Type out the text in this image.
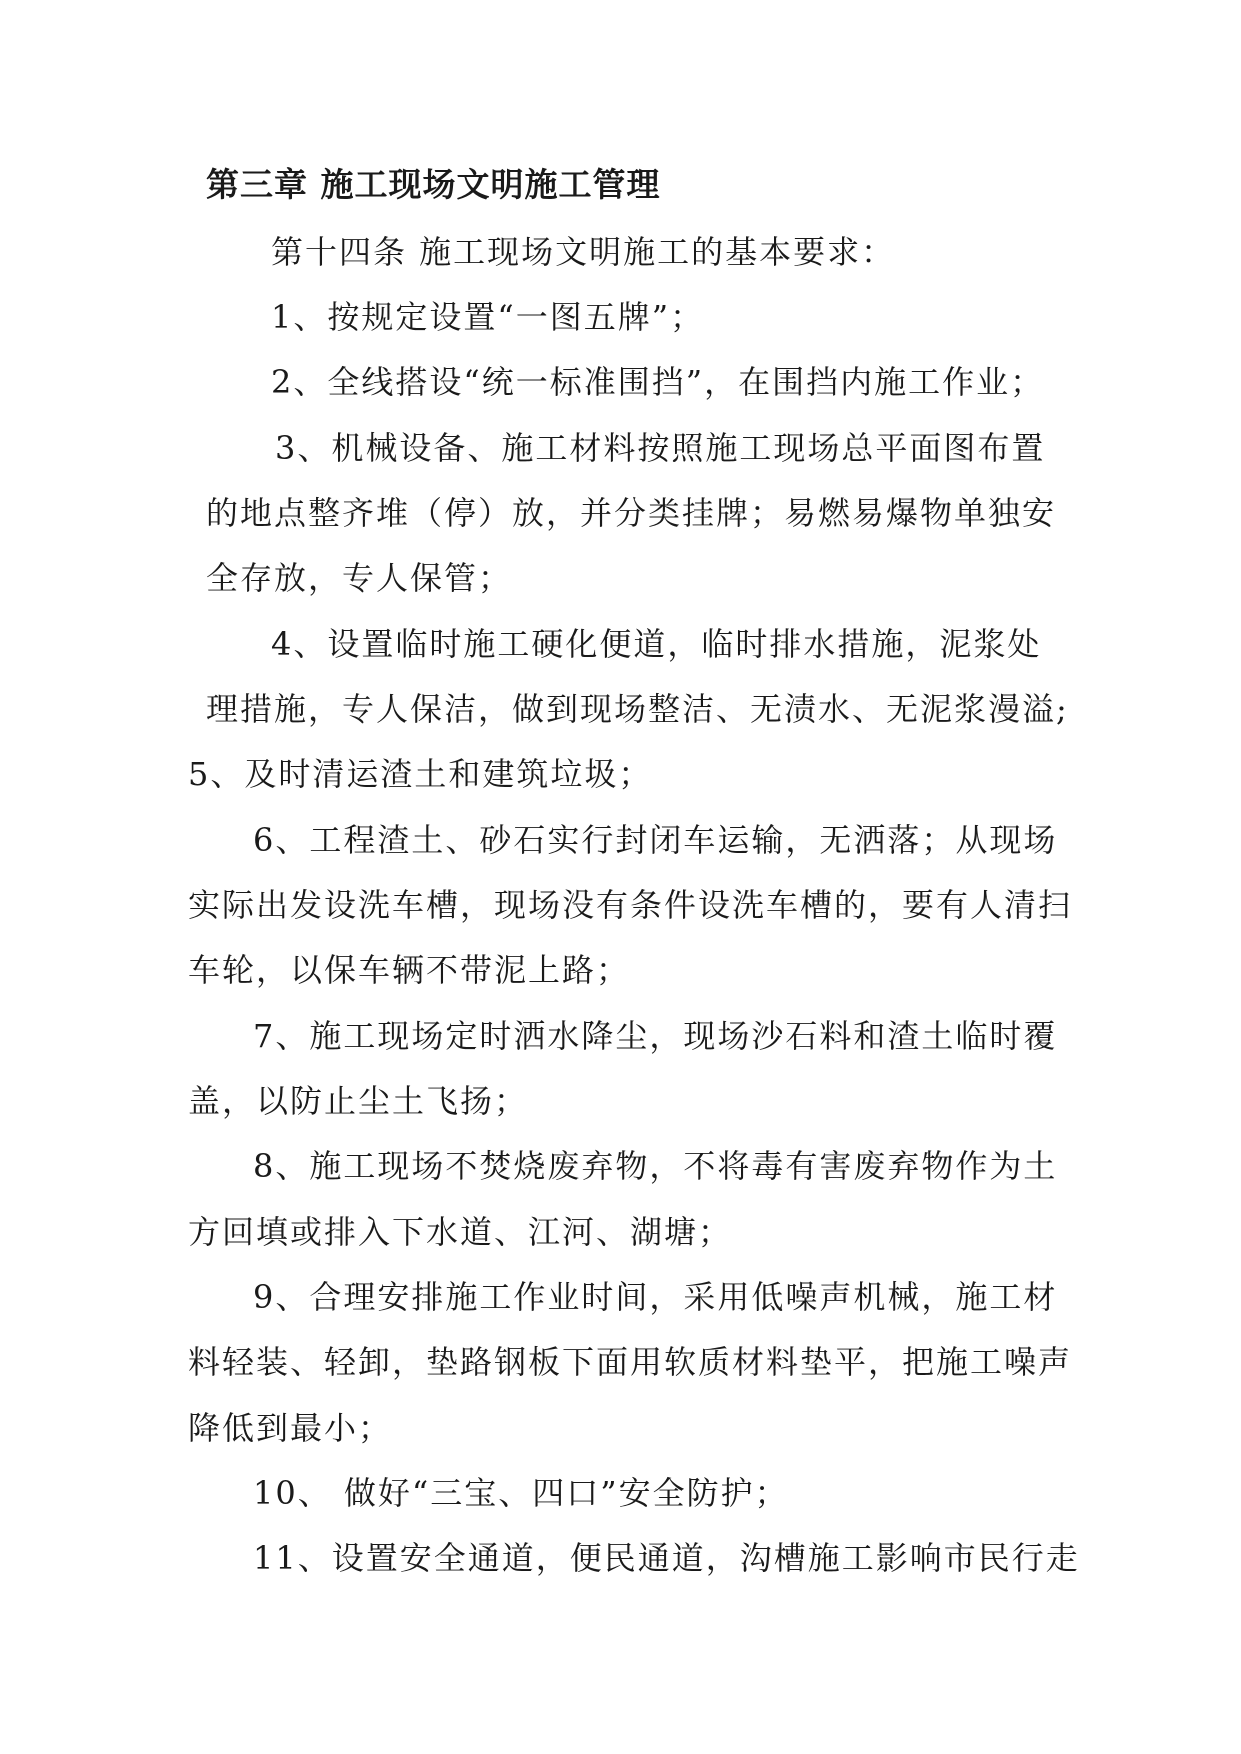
第三章 施工现场文明施工管理
第十四条 施工现场文明施工的基本要求：
1、按规定设置“一图五牌”；
2、全线搭设“统一标准围挡”，在围挡内施工作业；
3、机械设备、施工材料按照施工现场总平面图布置
的地点整齐堆（停）放，并分类挂牌；易燃易爆物单独安
全存放，专人保管；
4、设置临时施工硬化便道，临时排水措施，泥浆处
理措施，专人保洁，做到现场整洁、无渍水、无泥浆漫溢;
5、及时清运渣土和建筑垃圾；
6、工程渣土、砂石实行封闭车运输，无洒落；从现场
实际出发设洗车槽，现场没有条件设洗车槽的，要有人清扫
车轮，以保车辆不带泥上路；
7、施工现场定时洒水降尘，现场沙石料和渣土临时覆
盖，以防止尘土飞扬；
8、施工现场不焚烧废弃物，不将毒有害废弃物作为土
方回填或排入下水道、江河、湖塘；
9、合理安排施工作业时间，采用低噪声机械，施工材
料轻装、轻卸，垫路钢板下面用软质材料垫平，把施工噪声
降低到最小；
10、 做好“三宝、四口”安全防护；
11、设置安全通道，便民通道，沟槽施工影响市民行走
